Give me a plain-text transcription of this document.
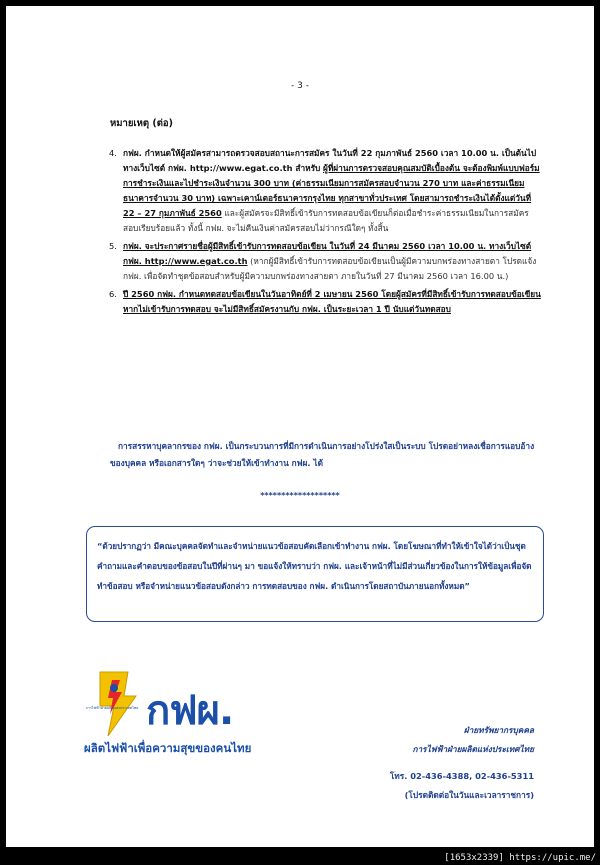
- 3 -
หมายเหตุ (ต่อ)
4. กฟผ. กำหนดให้ผู้สมัครสามารถตรวจสอบสถานะการสมัคร ในวันที่ 22 กุมภาพันธ์ 2560 เวลา 10.00 น. เป็นต้นไป ทางเว็บไซต์ กฟผ. http://www.egat.co.th สำหรับ ผู้ที่ผ่านการตรวจสอบคุณสมบัติเบื้องต้น จะต้องพิมพ์แบบฟอร์มการชำระเงินและไปชำระเงินจำนวน 300 บาท (ค่าธรรมเนียมการสมัครสอบจำนวน 270 บาท และค่าธรรมเนียมธนาคารจำนวน 30 บาท) เฉพาะเคาน์เตอร์ธนาคารกรุงไทย ทุกสาขาทั่วประเทศ โดยสามารถชำระเงินได้ตั้งแต่วันที่ 22 – 27 กุมภาพันธ์ 2560 และผู้สมัครจะมีสิทธิ์เข้ารับการทดสอบข้อเขียนก็ต่อเมื่อชำระค่าธรรมเนียมในการสมัครสอบเรียบร้อยแล้ว ทั้งนี้ กฟผ. จะไม่คืนเงินค่าสมัครสอบไม่ว่ากรณีใดๆ ทั้งสิ้น
5. กฟผ. จะประกาศรายชื่อผู้มีสิทธิ์เข้ารับการทดสอบข้อเขียน ในวันที่ 24 มีนาคม 2560 เวลา 10.00 น. ทางเว็บไซต์ กฟผ. http://www.egat.co.th (หากผู้มีสิทธิ์เข้ารับการทดสอบข้อเขียนเป็นผู้มีความบกพร่องทางสายตา โปรดแจ้ง กฟผ. เพื่อจัดทำชุดข้อสอบสำหรับผู้มีความบกพร่องทางสายตา ภายในวันที่ 27 มีนาคม 2560 เวลา 16.00 น.)
6. ปี 2560 กฟผ. กำหนดทดสอบข้อเขียนในวันอาทิตย์ที่ 2 เมษายน 2560 โดยผู้สมัครที่มีสิทธิ์เข้ารับการทดสอบข้อเขียน หากไม่เข้ารับการทดสอบ จะไม่มีสิทธิ์สมัครงานกับ กฟผ. เป็นระยะเวลา 1 ปี นับแต่วันทดสอบ
การสรรหาบุคลากรของ กฟผ. เป็นกระบวนการที่มีการดำเนินการอย่างโปร่งใสเป็นระบบ โปรดอย่าหลงเชื่อการแอบอ้างของบุคคล หรือเอกสารใดๆ ว่าจะช่วยให้เข้าทำงาน กฟผ. ได้
*******************
“ด้วยปรากฏว่า มีคณะบุคคลจัดทำและจำหน่ายแนวข้อสอบคัดเลือกเข้าทำงาน กฟผ. โดยโฆษณาที่ทำให้เข้าใจได้ว่าเป็นชุดคำถามและคำตอบของข้อสอบในปีที่ผ่านๆ มา ขอแจ้งให้ทราบว่า กฟผ. และเจ้าหน้าที่ไม่มีส่วนเกี่ยวข้องในการให้ข้อมูลเพื่อจัดทำข้อสอบ หรือจำหน่ายแนวข้อสอบดังกล่าว การทดสอบของ กฟผ. ดำเนินการโดยสถาบันภายนอกทั้งหมด”
การไฟฟ้าฝ่ายผลิตแห่งประเทศไทย กฟผ.
ผลิตไฟฟ้าเพื่อความสุขของคนไทย
ฝ่ายทรัพยากรบุคคล
การไฟฟ้าฝ่ายผลิตแห่งประเทศไทย
โทร. 02-436-4388, 02-436-5311
(โปรดติดต่อในวันและเวลาราชการ)
[1653x2339] https://upic.me/
